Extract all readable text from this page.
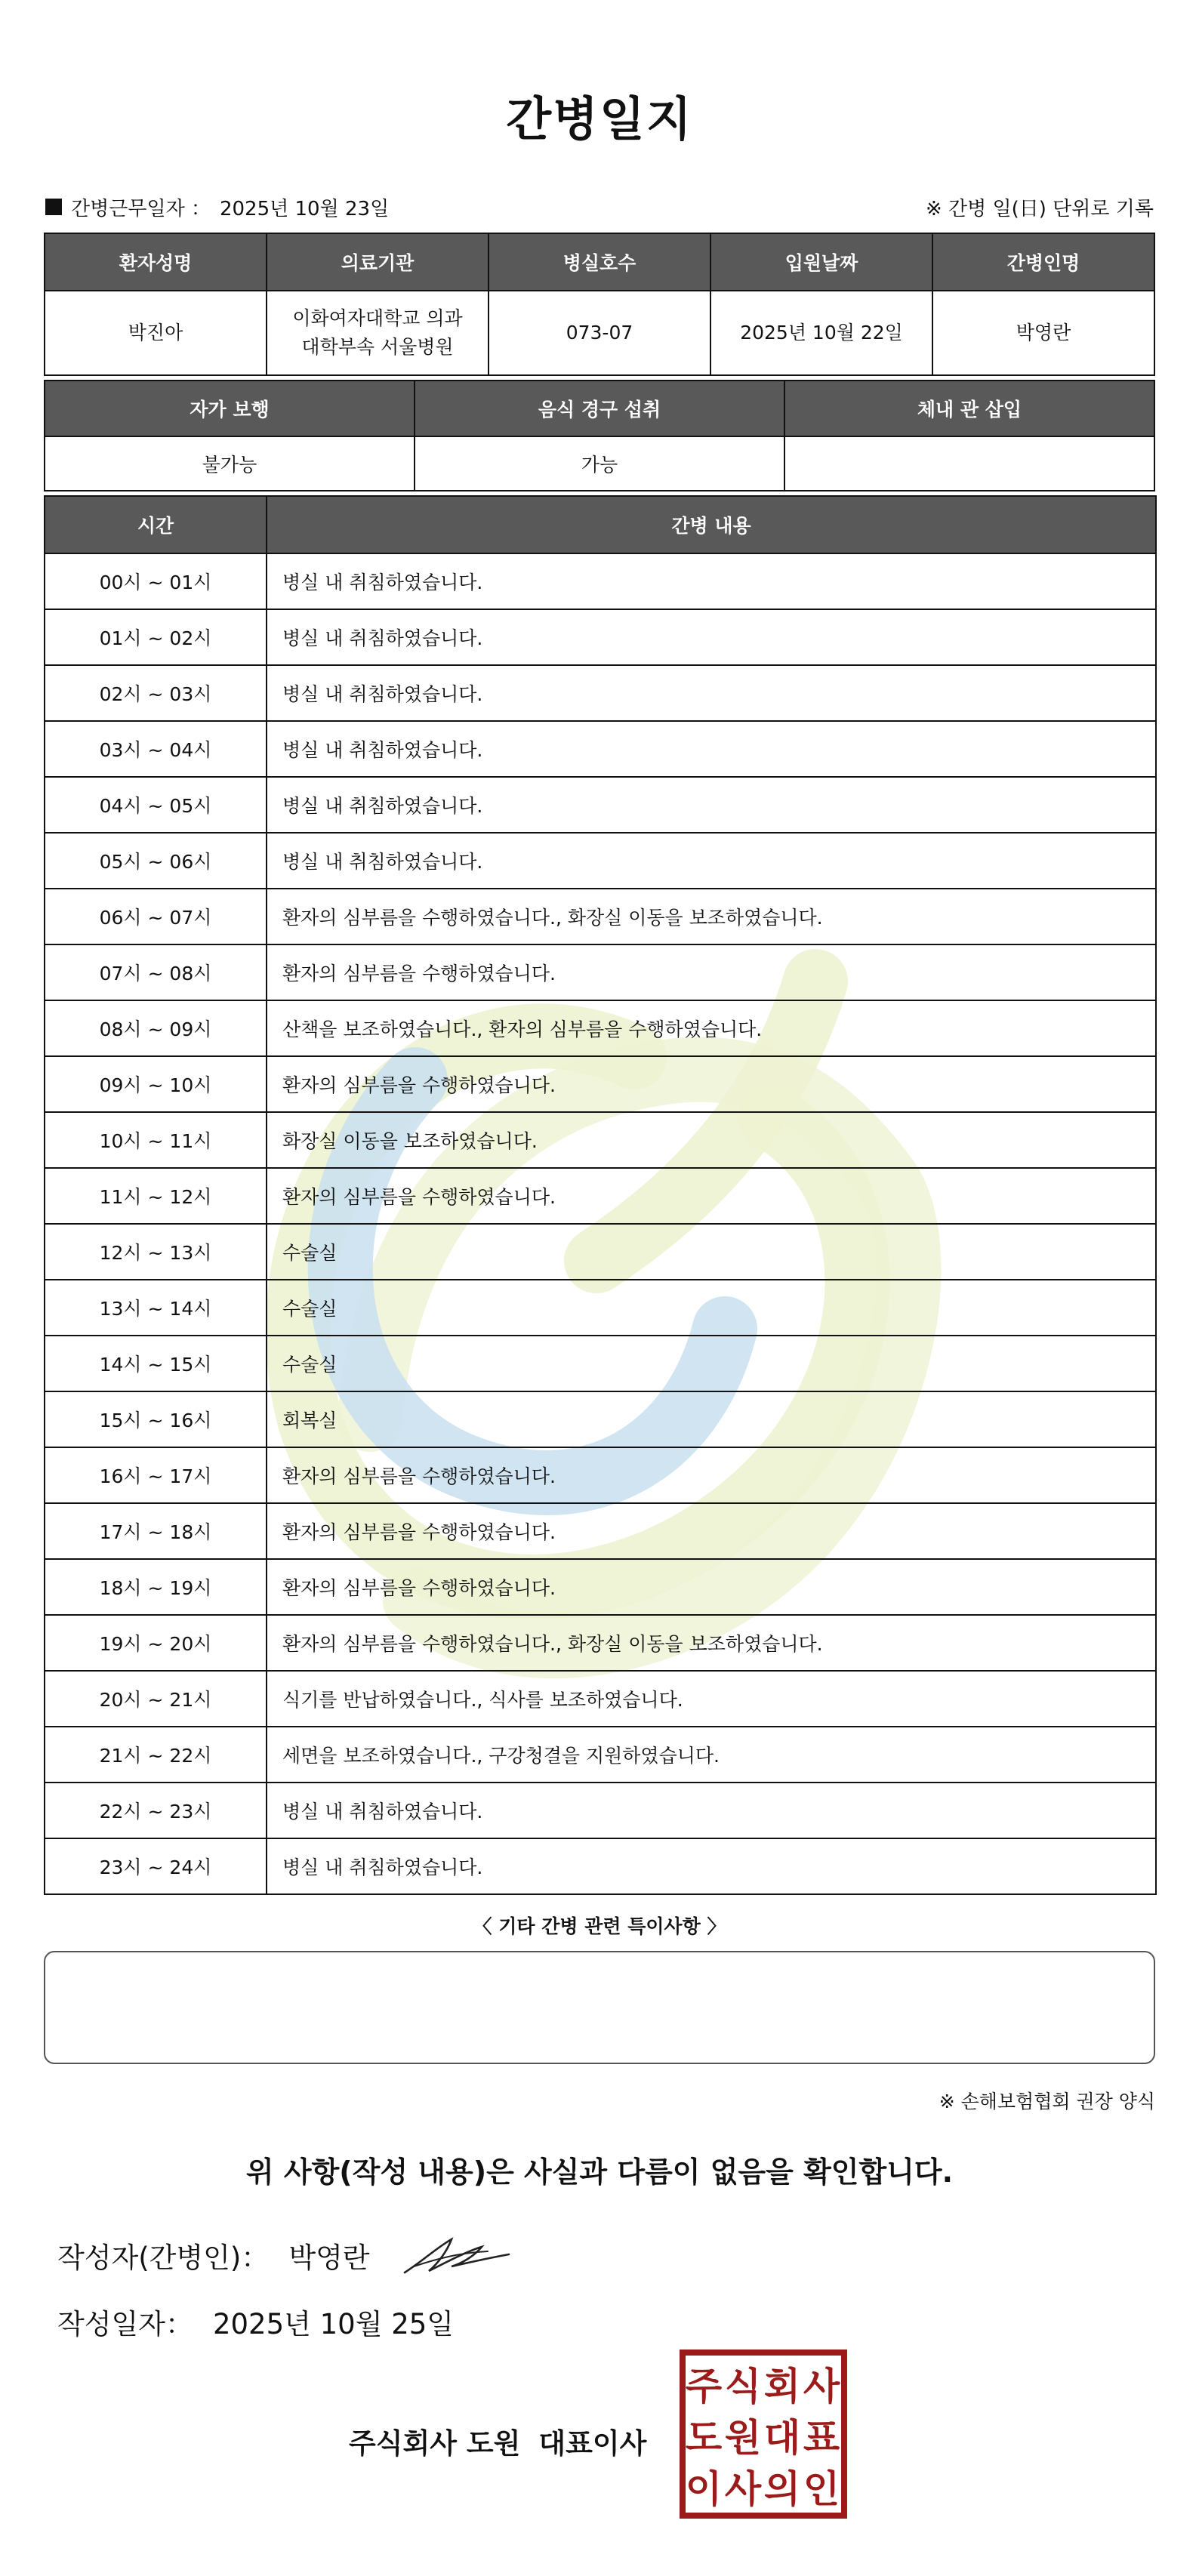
간병일지
간병근무일자 ： 2025년 10월 23일	※ 간병 일(日) 단위로 기록
환자성명	의료기관	병실호수	입원날짜	간병인명
박진아	이화여자대학교 의과
대학부속 서울병원	073-07	2025년 10월 22일	박영란
자가 보행	음식 경구 섭취	체내 관 삽입
불가능	가능	
시간	간병 내용
00시 ~ 01시	병실 내 취침하였습니다.
01시 ~ 02시	병실 내 취침하였습니다.
02시 ~ 03시	병실 내 취침하였습니다.
03시 ~ 04시	병실 내 취침하였습니다.
04시 ~ 05시	병실 내 취침하였습니다.
05시 ~ 06시	병실 내 취침하였습니다.
06시 ~ 07시	환자의 심부름을 수행하였습니다., 화장실 이동을 보조하였습니다.
07시 ~ 08시	환자의 심부름을 수행하였습니다.
08시 ~ 09시	산책을 보조하였습니다., 환자의 심부름을 수행하였습니다.
09시 ~ 10시	환자의 심부름을 수행하였습니다.
10시 ~ 11시	화장실 이동을 보조하였습니다.
11시 ~ 12시	환자의 심부름을 수행하였습니다.
12시 ~ 13시	수술실
13시 ~ 14시	수술실
14시 ~ 15시	수술실
15시 ~ 16시	회복실
16시 ~ 17시	환자의 심부름을 수행하였습니다.
17시 ~ 18시	환자의 심부름을 수행하였습니다.
18시 ~ 19시	환자의 심부름을 수행하였습니다.
19시 ~ 20시	환자의 심부름을 수행하였습니다., 화장실 이동을 보조하였습니다.
20시 ~ 21시	식기를 반납하였습니다., 식사를 보조하였습니다.
21시 ~ 22시	세면을 보조하였습니다., 구강청결을 지원하였습니다.
22시 ~ 23시	병실 내 취침하였습니다.
23시 ~ 24시	병실 내 취침하였습니다.
〈 기타 간병 관련 특이사항 〉
※ 손해보험협회 권장 양식
위 사항(작성 내용)은 사실과 다름이 없음을 확인합니다.
작성자(간병인)： 박영란
작성일자： 2025년 10월 25일
주식회사 도원 대표이사
주 식 회 사
도 원 대 표
이 사 의 인
